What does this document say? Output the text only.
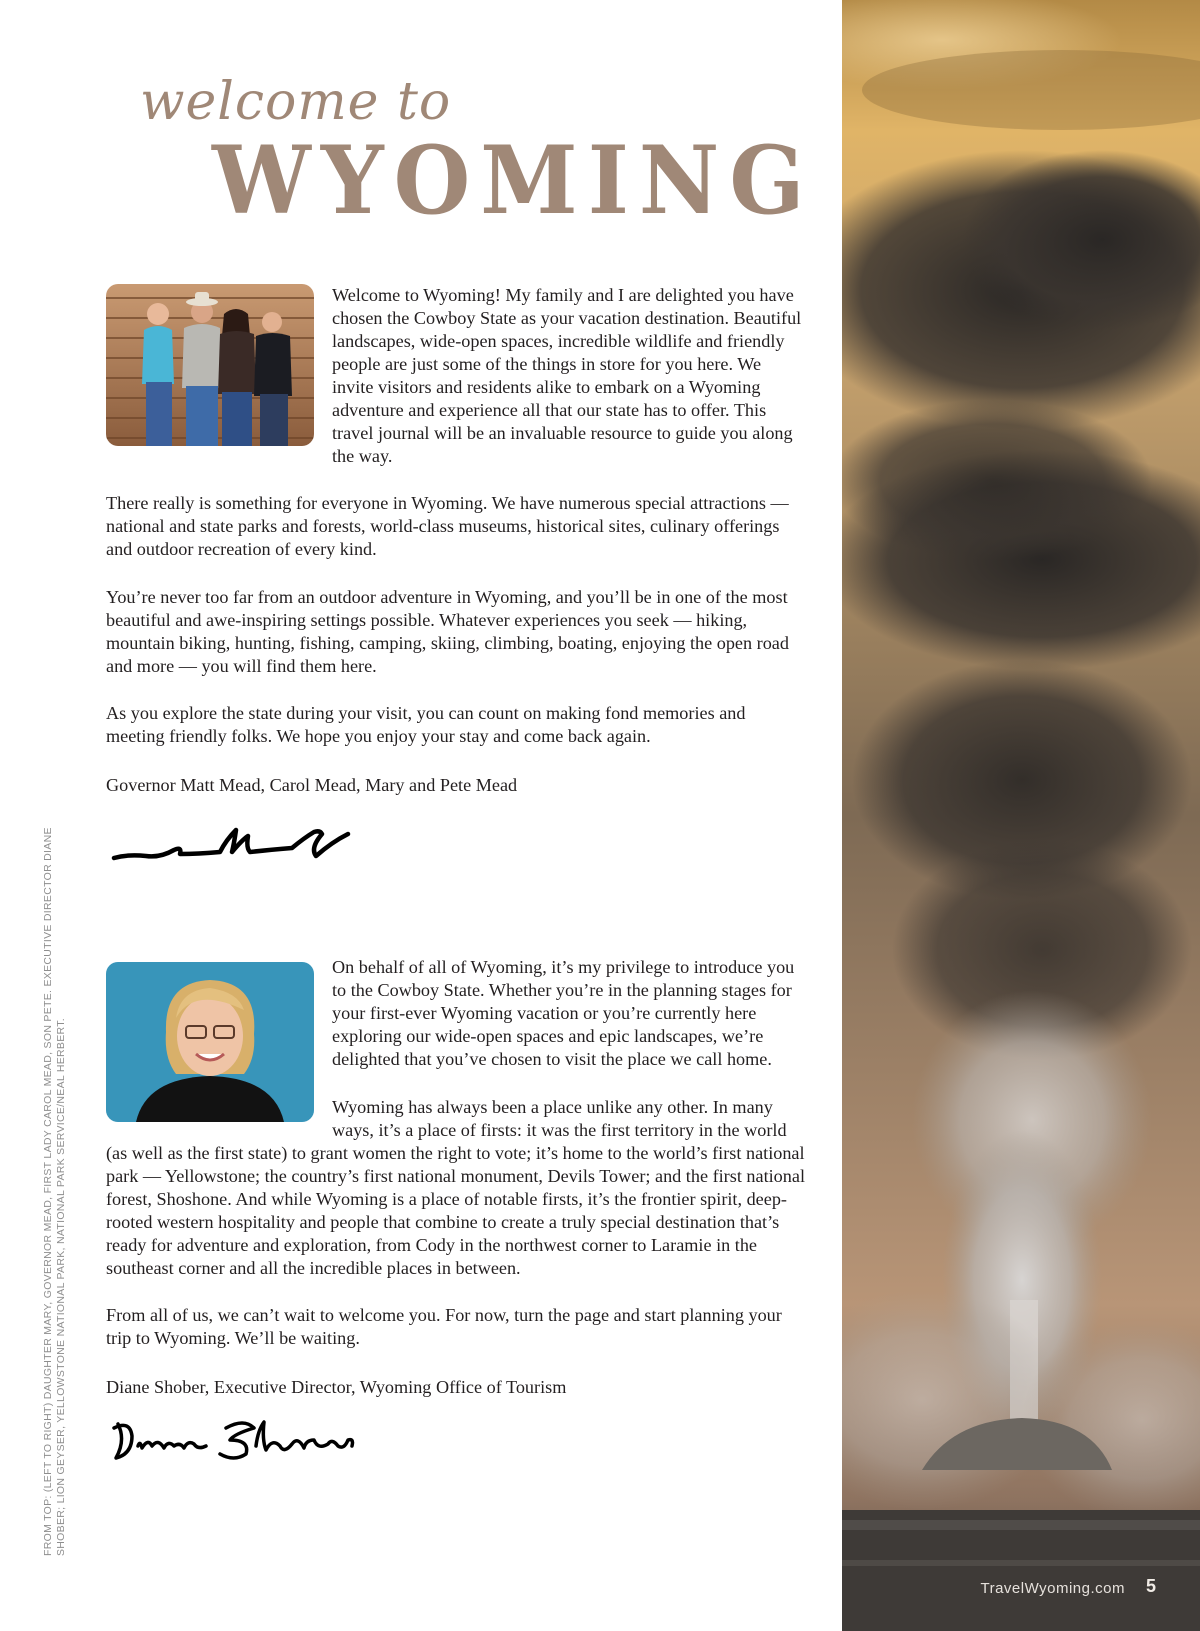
welcome to
WYOMING

Welcome to Wyoming! My family and I are delighted you have chosen the Cowboy State as your vacation destination. Beautiful landscapes, wide-open spaces, incredible wildlife and friendly people are just some of the things in store for you here. We invite visitors and residents alike to embark on a Wyoming adventure and experience all that our state has to offer. This travel journal will be an invaluable resource to guide you along the way.

There really is something for everyone in Wyoming. We have numerous special attractions — national and state parks and forests, world-class museums, historical sites, culinary offerings and outdoor recreation of every kind.

You’re never too far from an outdoor adventure in Wyoming, and you’ll be in one of the most beautiful and awe-inspiring settings possible. Whatever experiences you seek — hiking, mountain biking, hunting, fishing, camping, skiing, climbing, boating, enjoying the open road and more — you will find them here.

As you explore the state during your visit, you can count on making fond memories and meeting friendly folks. We hope you enjoy your stay and come back again.

Governor Matt Mead, Carol Mead, Mary and Pete Mead

On behalf of all of Wyoming, it’s my privilege to introduce you to the Cowboy State. Whether you’re in the planning stages for your first-ever Wyoming vacation or you’re currently here exploring our wide-open spaces and epic landscapes, we’re delighted that you’ve chosen to visit the place we call home.

Wyoming has always been a place unlike any other. In many ways, it’s a place of firsts: it was the first territory in the world

(as well as the first state) to grant women the right to vote; it’s home to the world’s first national park — Yellowstone; the country’s first national monument, Devils Tower; and the first national forest, Shoshone. And while Wyoming is a place of notable firsts, it’s the frontier spirit, deep-rooted western hospitality and people that combine to create a truly special destination that’s ready for adventure and exploration, from Cody in the northwest corner to Laramie in the southeast corner and all the incredible places in between.

From all of us, we can’t wait to welcome you. For now, turn the page and start planning your trip to Wyoming. We’ll be waiting.

Diane Shober, Executive Director, Wyoming Office of Tourism

FROM TOP: (LEFT TO RIGHT) DAUGHTER MARY, GOVERNOR MEAD, FIRST LADY CAROL MEAD, SON PETE. EXECUTIVE DIRECTOR DIANE SHOBER; LION GEYSER, YELLOWSTONE NATIONAL PARK, NATIONAL PARK SERVICE/NEAL HERBERT.
TravelWyoming.com 5
